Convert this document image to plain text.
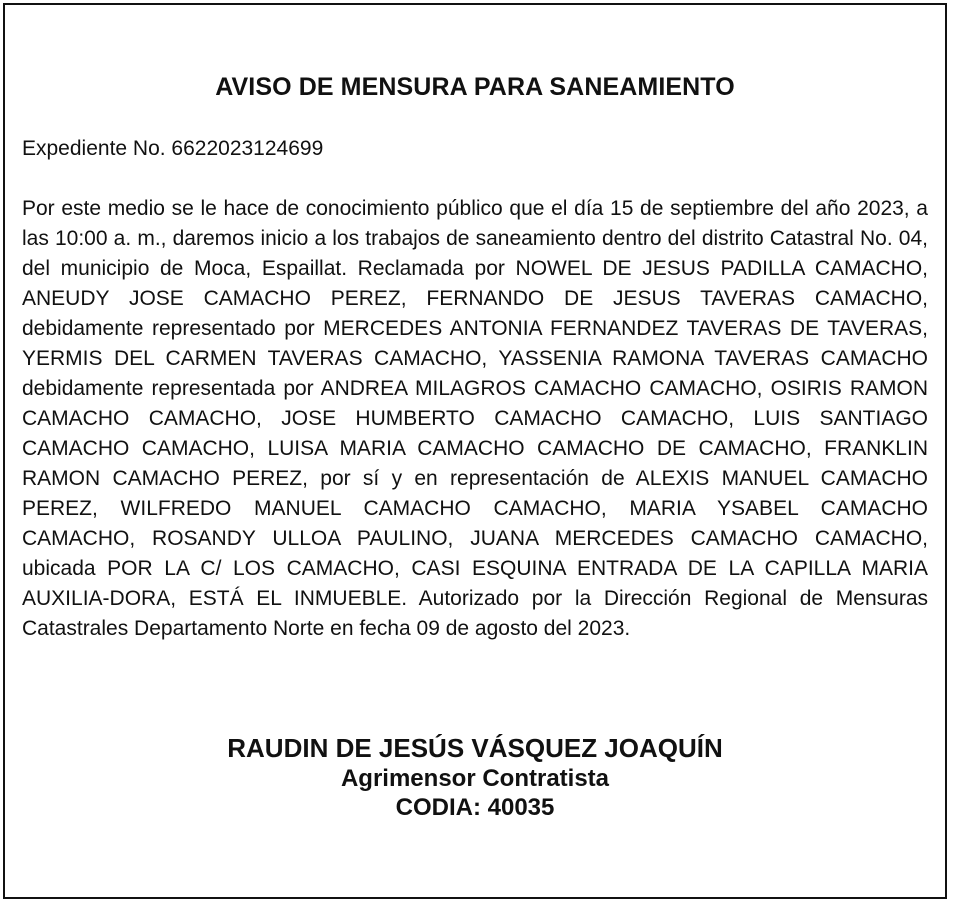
AVISO DE MENSURA PARA SANEAMIENTO
Expediente No. 6622023124699
Por este medio se le hace de conocimiento público que el día 15 de septiembre del año 2023, a las 10:00 a. m., daremos inicio a los trabajos de saneamiento dentro del distrito Catastral No. 04, del municipio de Moca, Espaillat. Reclamada por NOWEL DE JESUS PADILLA CAMACHO, ANEUDY JOSE CAMACHO PEREZ, FERNANDO DE JESUS TAVERAS CAMACHO, debidamente representado por MERCEDES ANTONIA FERNANDEZ TAVERAS DE TAVERAS, YERMIS DEL CARMEN TAVERAS CAMACHO, YASSENIA RAMONA TAVERAS CAMACHO debidamente representada por ANDREA MILAGROS CAMACHO CAMACHO, OSIRIS RAMON CAMACHO CAMACHO, JOSE HUMBERTO CAMACHO CAMACHO, LUIS SANTIAGO CAMACHO CAMACHO, LUISA MARIA CAMACHO CAMACHO DE CAMACHO, FRANKLIN RAMON CAMACHO PEREZ, por sí y en representación de ALEXIS MANUEL CAMACHO PEREZ, WILFREDO MANUEL CAMACHO CAMACHO, MARIA YSABEL CAMACHO CAMACHO, ROSANDY ULLOA PAULINO, JUANA MERCEDES CAMACHO CAMACHO, ubicada POR LA C/ LOS CAMACHO, CASI ESQUINA ENTRADA DE LA CAPILLA MARIA AUXILIA-DORA, ESTÁ EL INMUEBLE. Autorizado por la Dirección Regional de Mensuras Catastrales Departamento Norte en fecha 09 de agosto del 2023.
RAUDIN DE JESÚS VÁSQUEZ JOAQUÍN
Agrimensor Contratista
CODIA: 40035
